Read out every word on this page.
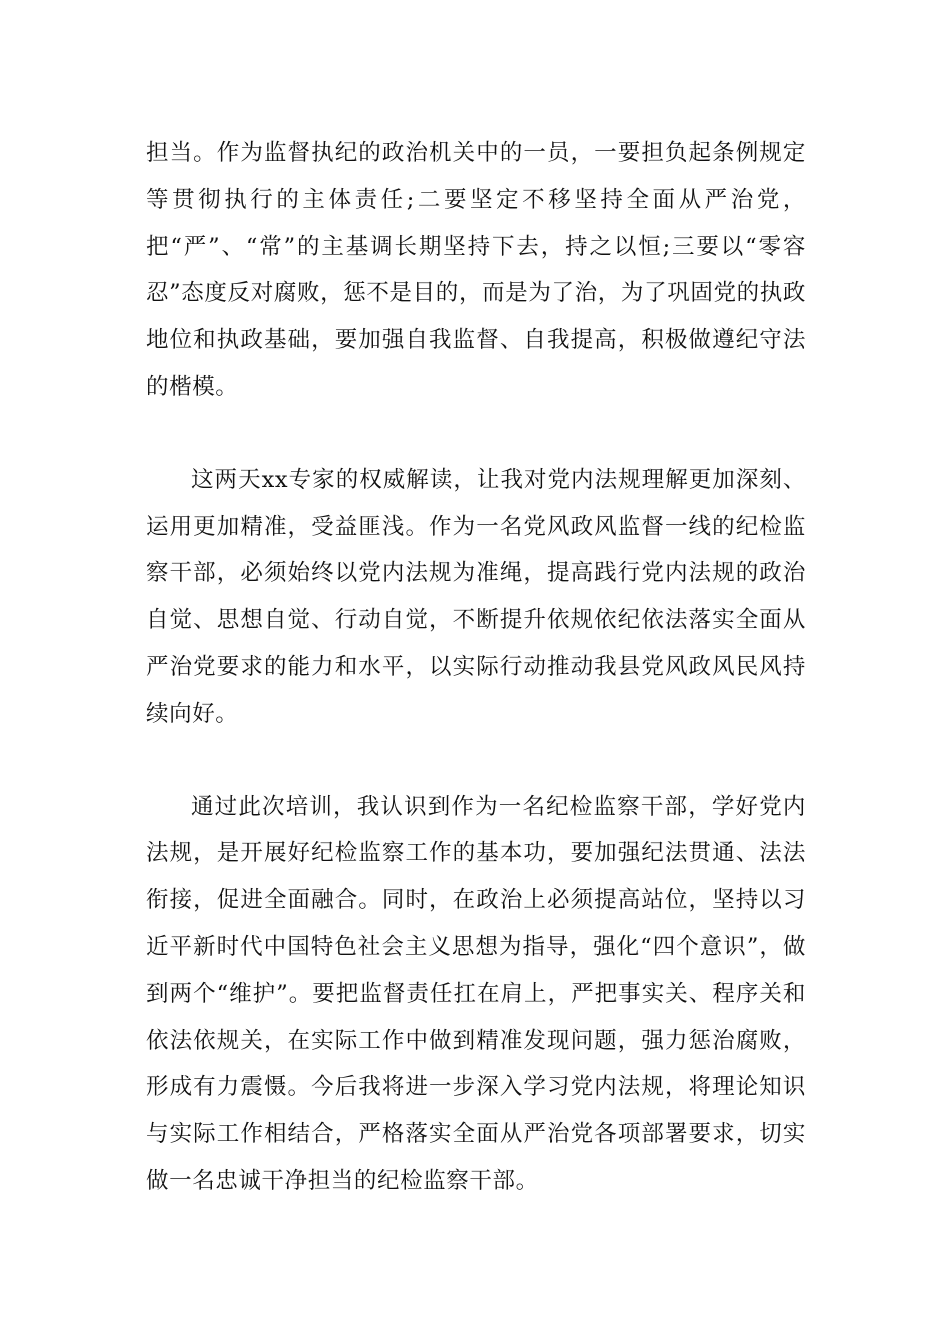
担当。作为监督执纪的政治机关中的一员，一要担负起条例规定等贯彻执行的主体责任;二要坚定不移坚持全面从严治党，把“严”、“常”的主基调长期坚持下去，持之以恒;三要以“零容忍”态度反对腐败，惩不是目的，而是为了治，为了巩固党的执政地位和执政基础，要加强自我监督、自我提高，积极做遵纪守法的楷模。

这两天xx专家的权威解读，让我对党内法规理解更加深刻、运用更加精准，受益匪浅。作为一名党风政风监督一线的纪检监察干部，必须始终以党内法规为准绳，提高践行党内法规的政治自觉、思想自觉、行动自觉，不断提升依规依纪依法落实全面从严治党要求的能力和水平，以实际行动推动我县党风政风民风持续向好。

通过此次培训，我认识到作为一名纪检监察干部，学好党内法规，是开展好纪检监察工作的基本功，要加强纪法贯通、法法衔接，促进全面融合。同时，在政治上必须提高站位，坚持以习近平新时代中国特色社会主义思想为指导，强化“四个意识”，做到两个“维护”。要把监督责任扛在肩上，严把事实关、程序关和依法依规关，在实际工作中做到精准发现问题，强力惩治腐败，形成有力震慑。今后我将进一步深入学习党内法规，将理论知识与实际工作相结合，严格落实全面从严治党各项部署要求，切实做一名忠诚干净担当的纪检监察干部。
